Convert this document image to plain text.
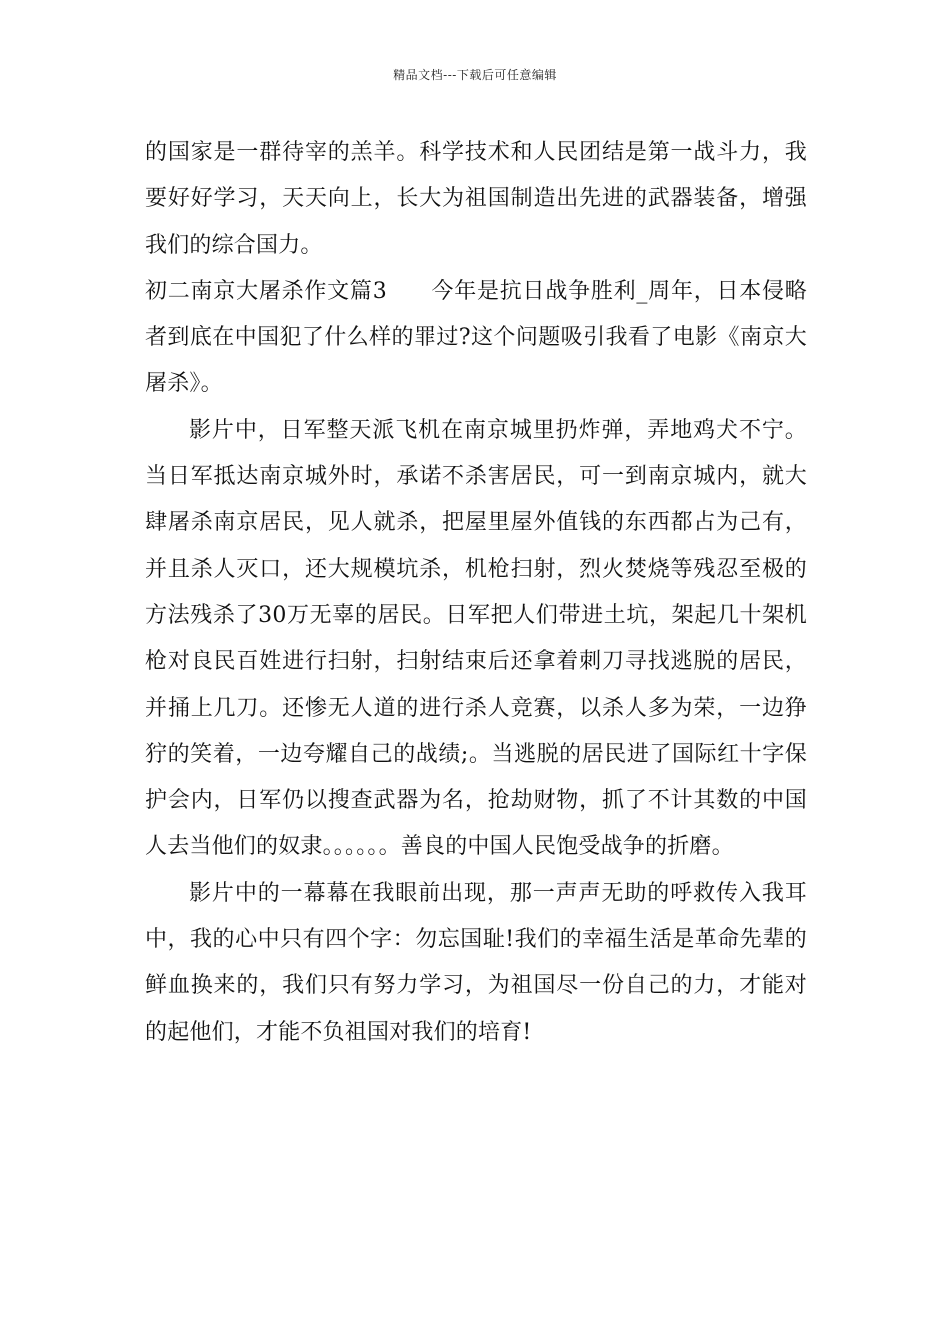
精品文档---下载后可任意编辑

的国家是一群待宰的羔羊。科学技术和人民团结是第一战斗力，我要好好学习，天天向上，长大为祖国制造出先进的武器装备，增强我们的综合国力。

初二南京大屠杀作文篇3 今年是抗日战争胜利_周年，日本侵略者到底在中国犯了什么样的罪过?这个问题吸引我看了电影《南京大屠杀》。

影片中，日军整天派飞机在南京城里扔炸弹，弄地鸡犬不宁。当日军抵达南京城外时，承诺不杀害居民，可一到南京城内，就大肆屠杀南京居民，见人就杀，把屋里屋外值钱的东西都占为己有，并且杀人灭口，还大规模坑杀，机枪扫射，烈火焚烧等残忍至极的方法残杀了30万无辜的居民。日军把人们带进土坑，架起几十架机枪对良民百姓进行扫射，扫射结束后还拿着刺刀寻找逃脱的居民，并捅上几刀。还惨无人道的进行杀人竞赛，以杀人多为荣，一边狰狞的笑着，一边夸耀自己的战绩;。当逃脱的居民进了国际红十字保护会内，日军仍以搜查武器为名，抢劫财物，抓了不计其数的中国人去当他们的奴隶。。。。。。善良的中国人民饱受战争的折磨。

影片中的一幕幕在我眼前出现，那一声声无助的呼救传入我耳中，我的心中只有四个字：勿忘国耻!我们的幸福生活是革命先辈的鲜血换来的，我们只有努力学习，为祖国尽一份自己的力，才能对的起他们，才能不负祖国对我们的培育!
